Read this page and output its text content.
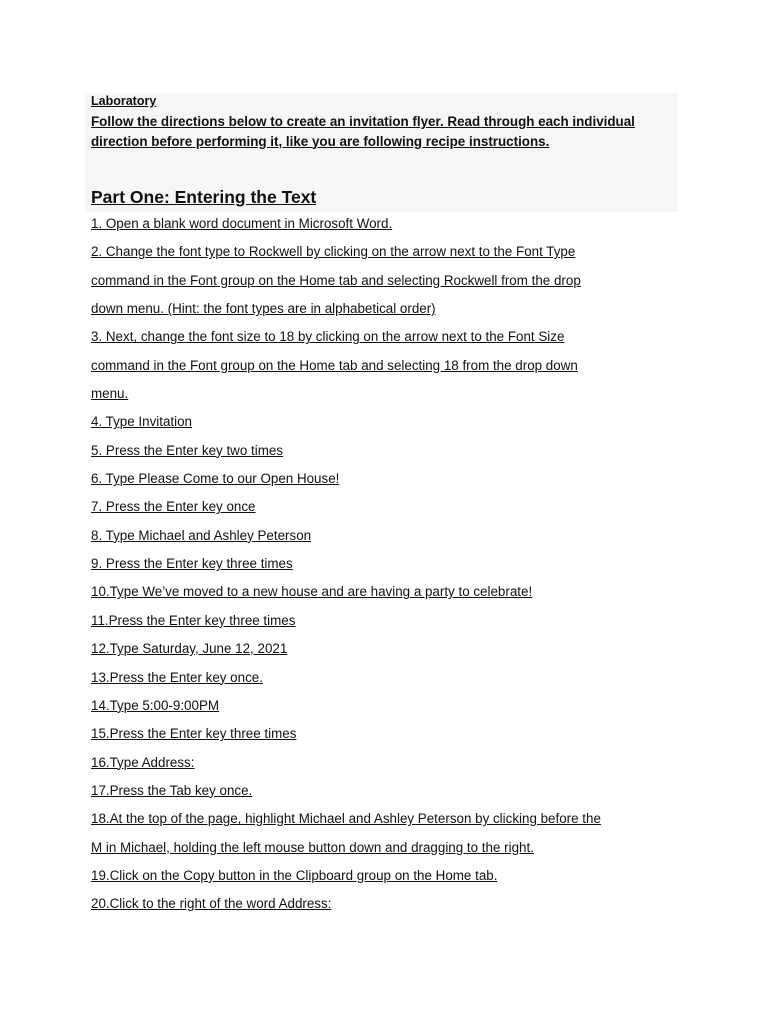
Laboratory
Follow the directions below to create an invitation flyer. Read through each individual direction before performing it, like you are following recipe instructions.
Part One: Entering the Text
1. Open a blank word document in Microsoft Word.
2. Change the font type to Rockwell by clicking on the arrow next to the Font Type command in the Font group on the Home tab and selecting Rockwell from the drop down menu. (Hint: the font types are in alphabetical order)
3. Next, change the font size to 18 by clicking on the arrow next to the Font Size command in the Font group on the Home tab and selecting 18 from the drop down menu.
4. Type Invitation
5. Press the Enter key two times
6. Type Please Come to our Open House!
7. Press the Enter key once
8. Type Michael and Ashley Peterson
9. Press the Enter key three times
10.Type We’ve moved to a new house and are having a party to celebrate!
11.Press the Enter key three times
12.Type Saturday, June 12, 2021
13.Press the Enter key once.
14.Type 5:00-9:00PM
15.Press the Enter key three times
16.Type Address:
17.Press the Tab key once.
18.At the top of the page, highlight Michael and Ashley Peterson by clicking before the M in Michael, holding the left mouse button down and dragging to the right.
19.Click on the Copy button in the Clipboard group on the Home tab.
20.Click to the right of the word Address:
